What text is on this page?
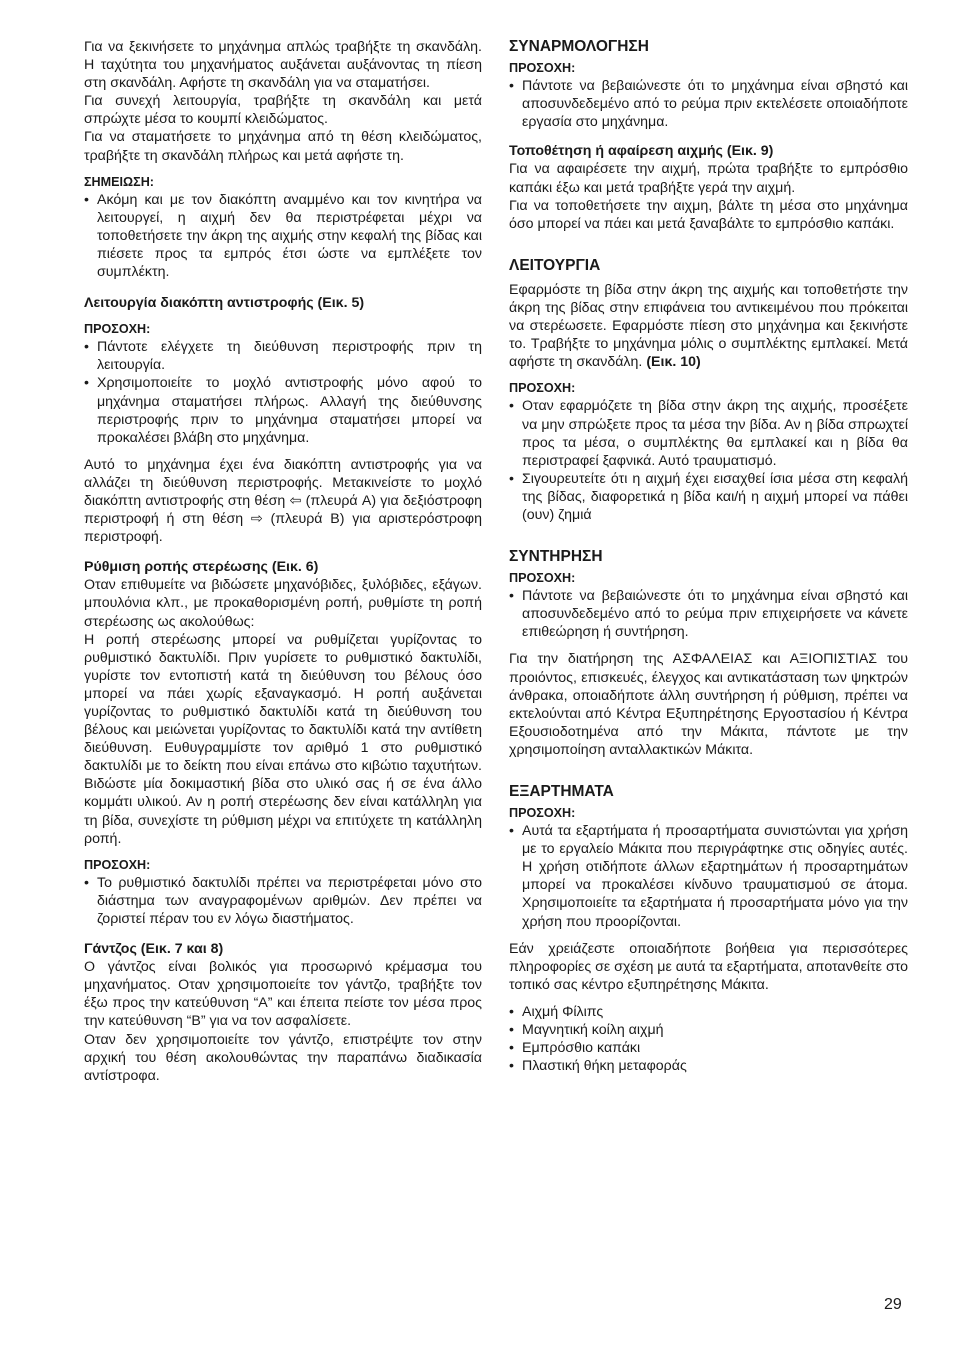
Για να ξεκινήσετε το μηχάνημα απλώς τραβήξτε τη σκανδάλη. Η ταχύτητα του μηχανήματος αυξάνεται αυξάνοντας τη πίεση στη σκανδάλη. Αφήστε τη σκανδάλη για να σταματήσει.

Για συνεχή λειτουργία, τραβήξτε τη σκανδάλη και μετά σπρώχτε μέσα το κουμπί κλειδώματος.

Για να σταματήσετε το μηχάνημα από τη θέση κλειδώματος, τραβήξτε τη σκανδάλη πλήρως και μετά αφήστε τη.

ΣΗΜΕΙΩΣΗ:
• Ακόμη και με τον διακόπτη αναμμένο και τον κινητήρα να λειτουργεί, η αιχμή δεν θα περιστρέφεται μέχρι να τοποθετήσετε την άκρη της αιχμής στην κεφαλή της βίδας και πιέσετε προς τα εμπρός έτσι ώστε να εμπλέξετε τον συμπλέκτη.
Λειτουργία διακόπτη αντιστροφής (Εικ. 5)
ΠΡΟΣΟΧΗ:
• Πάντοτε ελέγχετε τη διεύθυνση περιστροφής πριν τη λειτουργία.
• Χρησιμοποιείτε το μοχλό αντιστροφής μόνο αφού το μηχάνημα σταματήσει πλήρως. Αλλαγή της διεύθυνσης περιστροφής πριν το μηχάνημα σταματήσει μπορεί να προκαλέσει βλάβη στο μηχάνημα.

Αυτό το μηχάνημα έχει ένα διακόπτη αντιστροφής για να αλλάζει τη διεύθυνση περιστροφής. Μετακινείστε το μοχλό διακόπτη αντιστροφής στη θέση ⇦ (πλευρά A) για δεξιόστροφη περιστροφή ή στη θέση ⇨ (πλευρά B) για αριστερόστροφη περιστροφή.

Ρύθμιση ροπής στερέωσης (Εικ. 6)

Οταν επιθυμείτε να βιδώσετε μηχανόβιδες, ξυλόβιδες, εξάγων. μπουλόνια κλπ., με προκαθορισμένη ροπή, ρυθμίστε τη ροπή στερέωσης ως ακολούθως:

Η ροπή στερέωσης μπορεί να ρυθμίζεται γυρίζοντας το ρυθμιστικό δακτυλίδι. Πριν γυρίσετε το ρυθμιστικό δακτυλίδι, γυρίστε τον εντοπιστή κατά τη διεύθυνση του βέλους όσο μπορεί να πάει χωρίς εξαναγκασμό. Η ροπή αυξάνεται γυρίζοντας το ρυθμιστικό δακτυλίδι κατά τη διεύθυνση του βέλους και μειώνεται γυρίζοντας το δακτυλίδι κατά την αντίθετη διεύθυνση. Ευθυγραμμίστε τον αριθμό 1 στο ρυθμιστικό δακτυλίδι με το δείκτη που είναι επάνω στο κιβώτιο ταχυτήτων. Βιδώστε μία δοκιμαστική βίδα στο υλικό σας ή σε ένα άλλο κομμάτι υλικού. Αν η ροπή στερέωσης δεν είναι κατάλληλη για τη βίδα, συνεχίστε τη ρύθμιση μέχρι να επιτύχετε τη κατάλληλη ροπή.

ΠΡΟΣΟΧΗ:
• Το ρυθμιστικό δακτυλίδι πρέπει να περιστρέφεται μόνο στο διάστημα των αναγραφομένων αριθμών. Δεν πρέπει να ζοριστεί πέραν του εν λόγω διαστήματος.
Γάντζος (Εικ. 7 και 8)

Ο γάντζος είναι βολικός για προσωρινό κρέμασμα του μηχανήματος. Οταν χρησιμοποιείτε τον γάντζο, τραβήξτε τον έξω προς την κατεύθυνση “A” και έπειτα πείστε τον μέσα προς την κατεύθυνση “B” για να τον ασφαλίσετε.

Οταν δεν χρησιμοποιείτε τον γάντζο, επιστρέψτε τον στην αρχική του θέση ακολουθώντας την παραπάνω διαδικασία αντίστροφα.

ΣΥΝΑΡΜΟΛΟΓΗΣΗ
ΠΡΟΣΟΧΗ:
• Πάντοτε να βεβαιώνεστε ότι το μηχάνημα είναι σβηστό και αποσυνδεδεμένο από το ρεύμα πριν εκτελέσετε οποιαδήποτε εργασία στο μηχάνημα.
Τοποθέτηση ή αφαίρεση αιχμής (Εικ. 9)

Για να αφαιρέσετε την αιχμή, πρώτα τραβήξτε το εμπρόσθιο καπάκι έξω και μετά τραβήξτε γερά την αιχμή.

Για να τοποθετήσετε την αιχμη, βάλτε τη μέσα στο μηχάνημα όσο μπορεί να πάει και μετά ξαναβάλτε το εμπρόσθιο καπάκι.

ΛΕΙΤΟΥΡΓΙΑ

Εφαρμόστε τη βίδα στην άκρη της αιχμής και τοποθετήστε την άκρη της βίδας στην επιφάνεια του αντικειμένου που πρόκειται να στερέωσετε. Εφαρμόστε πίεση στο μηχάνημα και ξεκινήστε το. Τραβήξτε το μηχάνημα μόλις ο συμπλέκτης εμπλακεί. Μετά αφήστε τη σκανδάλη. (Εικ. 10)

ΠΡΟΣΟΧΗ:
• Οταν εφαρμόζετε τη βίδα στην άκρη της αιχμής, προσέξετε να μην σπρώξετε προς τα μέσα την βίδα. Αν η βίδα σπρωχτεί προς τα μέσα, ο συμπλέκτης θα εμπλακεί και η βίδα θα περιστραφεί ξαφνικά. Αυτό τραυματισμό.
• Σιγουρευτείτε ότι η αιχμή έχει εισαχθεί ίσια μέσα στη κεφαλή της βίδας, διαφορετικά η βίδα και/ή η αιχμή μπορεί να πάθει (ουν) ζημιά
ΣΥΝΤΗΡΗΣΗ
ΠΡΟΣΟΧΗ:
• Πάντοτε να βεβαιώνεστε ότι το μηχάνημα είναι σβηστό και αποσυνδεδεμένο από το ρεύμα πριν επιχειρήσετε να κάνετε επιθεώρηση ή συντήρηση.

Για την διατήρηση της ΑΣΦΑΛΕΙΑΣ και ΑΞΙΟΠΙΣΤΙΑΣ του προιόντος, επισκευές, έλεγχος και αντικατάσταση των ψηκτρών άνθρακα, οποιαδήποτε άλλη συντήρηση ή ρύθμιση, πρέπει να εκτελούνται από Κέντρα Εξυπηρέτησης Εργοστασίου ή Κέντρα Εξουσιοδοτημένα από την Μάκιτα, πάντοτε με την χρησιμοποίηση ανταλλακτικών Μάκιτα.

ΕΞΑΡΤΗΜΑΤΑ
ΠΡΟΣΟΧΗ:
• Αυτά τα εξαρτήματα ή προσαρτήματα συνιστώνται για χρήση με το εργαλείο Μάκιτα που περιγράφτηκε στις οδηγίες αυτές. Η χρήση οτιδήποτε άλλων εξαρτημάτων ή προσαρτημάτων μπορεί να προκαλέσει κίνδυνο τραυματισμού σε άτομα. Χρησιμοποιείτε τα εξαρτήματα ή προσαρτήματα μόνο για την χρήση που προορίζονται.

Εάν χρειάζεστε οποιαδήποτε βοήθεια για περισσότερες πληροφορίες σε σχέση με αυτά τα εξαρτήματα, αποτανθείτε στο τοπικό σας κέντρο εξυπηρέτησης Μάκιτα.

• Αιχμή Φίλιπς
• Μαγνητική κοίλη αιχμή
• Εμπρόσθιο καπάκι
• Πλαστική θήκη μεταφοράς
29
